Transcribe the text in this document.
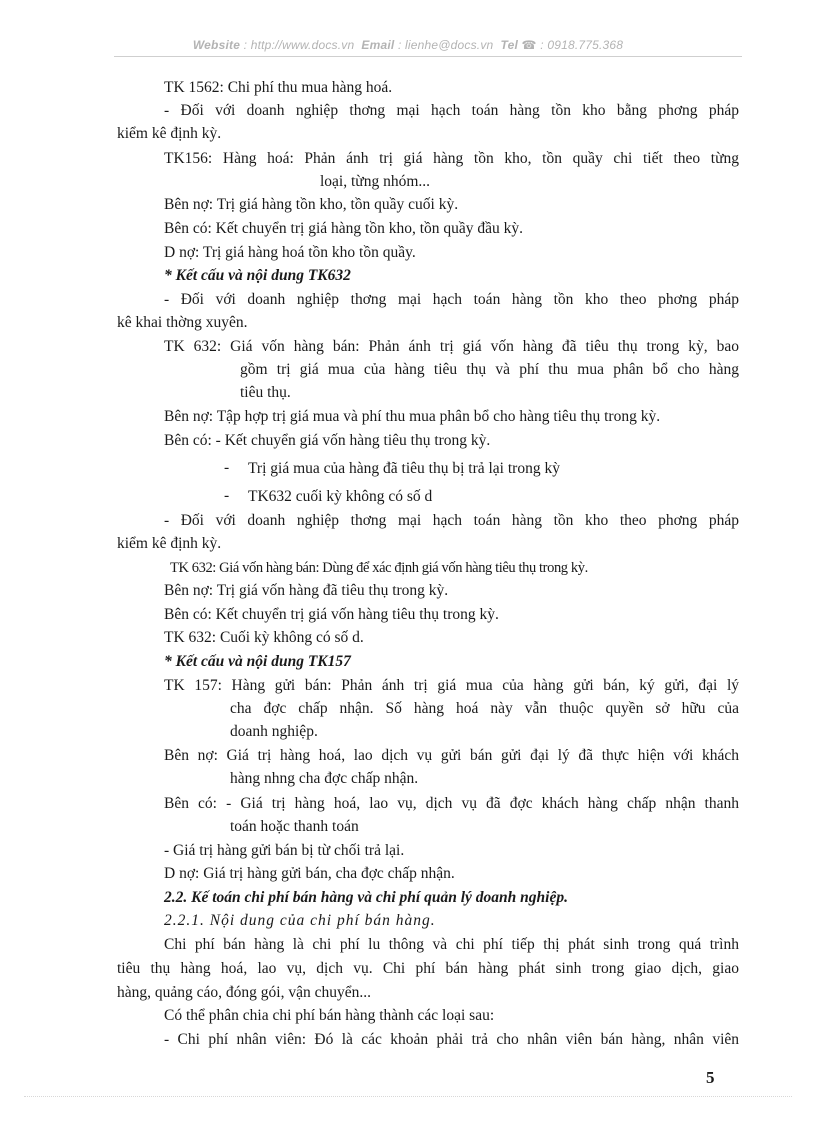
Website : http://www.docs.vn Email : lienhe@docs.vn Tel ☎ : 0918.775.368
TK 1562: Chi phí thu mua hàng hoá.
- Đối với doanh nghiệp thơng mại hạch toán hàng tồn kho bằng phơng pháp
kiểm kê định kỳ.
TK156: Hàng hoá: Phản ánh trị giá hàng tồn kho, tồn quầy chi tiết theo từng
loại, từng nhóm...
Bên nợ: Trị giá hàng tồn kho, tồn quầy cuối kỳ.
Bên có: Kết chuyển trị giá hàng tồn kho, tồn quầy đầu kỳ.
D nợ: Trị giá hàng hoá tồn kho tồn quầy.
* Kết cấu và nội dung TK632
- Đối với doanh nghiệp thơng mại hạch toán hàng tồn kho theo phơng pháp
kê khai thờng xuyên.
TK 632: Giá vốn hàng bán: Phản ánh trị giá vốn hàng đã tiêu thụ trong kỳ, bao
gồm trị giá mua của hàng tiêu thụ và phí thu mua phân bổ cho hàng
tiêu thụ.
Bên nợ: Tập hợp trị giá mua và phí thu mua phân bổ cho hàng tiêu thụ trong kỳ.
Bên có: - Kết chuyển giá vốn hàng tiêu thụ trong kỳ.
- Trị giá mua của hàng đã tiêu thụ bị trả lại trong kỳ
- TK632 cuối kỳ không có số d
- Đối với doanh nghiệp thơng mại hạch toán hàng tồn kho theo phơng pháp
kiểm kê định kỳ.
TK 632: Giá vốn hàng bán: Dùng để xác định giá vốn hàng tiêu thụ trong kỳ.
Bên nợ: Trị giá vốn hàng đã tiêu thụ trong kỳ.
Bên có: Kết chuyển trị giá vốn hàng tiêu thụ trong kỳ.
TK 632: Cuối kỳ không có số d.
* Kết cấu và nội dung TK157
TK 157: Hàng gửi bán: Phản ánh trị giá mua của hàng gửi bán, ký gửi, đại lý
cha đợc chấp nhận. Số hàng hoá này vẫn thuộc quyền sở hữu của
doanh nghiệp.
Bên nợ: Giá trị hàng hoá, lao dịch vụ gửi bán gửi đại lý đã thực hiện với khách
hàng nhng cha đợc chấp nhận.
Bên có: - Giá trị hàng hoá, lao vụ, dịch vụ đã đợc khách hàng chấp nhận thanh
toán hoặc thanh toán
- Giá trị hàng gửi bán bị từ chối trả lại.
D nợ: Giá trị hàng gửi bán, cha đợc chấp nhận.
2.2. Kế toán chi phí bán hàng và chi phí quản lý doanh nghiệp.
2.2.1. Nội dung của chi phí bán hàng.
Chi phí bán hàng là chi phí lu thông và chi phí tiếp thị phát sinh trong quá trình
tiêu thụ hàng hoá, lao vụ, dịch vụ. Chi phí bán hàng phát sinh trong giao dịch, giao
hàng, quảng cáo, đóng gói, vận chuyển...
Có thể phân chia chi phí bán hàng thành các loại sau:
- Chi phí nhân viên: Đó là các khoản phải trả cho nhân viên bán hàng, nhân viên
5
